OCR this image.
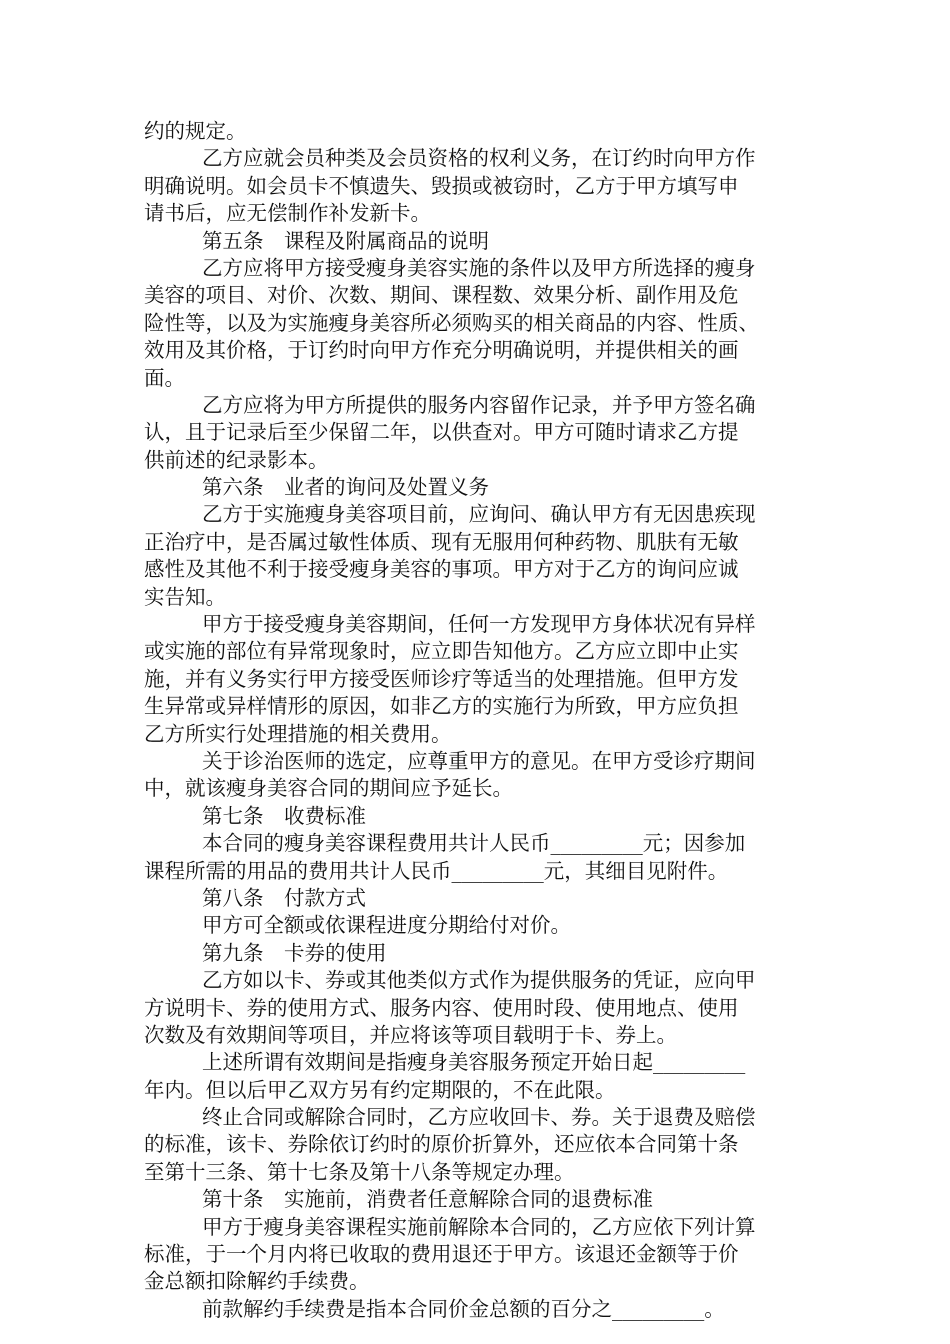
约的规定。
乙方应就会员种类及会员资格的权利义务，在订约时向甲方作
明确说明。如会员卡不慎遗失、毁损或被窃时，乙方于甲方填写申
请书后，应无偿制作补发新卡。
第五条　课程及附属商品的说明
乙方应将甲方接受瘦身美容实施的条件以及甲方所选择的瘦身
美容的项目、对价、次数、期间、课程数、效果分析、副作用及危
险性等，以及为实施瘦身美容所必须购买的相关商品的内容、性质、
效用及其价格，于订约时向甲方作充分明确说明，并提供相关的画
面。
乙方应将为甲方所提供的服务内容留作记录，并予甲方签名确
认，且于记录后至少保留二年，以供查对。甲方可随时请求乙方提
供前述的纪录影本。
第六条　业者的询问及处置义务
乙方于实施瘦身美容项目前，应询问、确认甲方有无因患疾现
正治疗中，是否属过敏性体质、现有无服用何种药物、肌肤有无敏
感性及其他不利于接受瘦身美容的事项。甲方对于乙方的询问应诚
实告知。
甲方于接受瘦身美容期间，任何一方发现甲方身体状况有异样
或实施的部位有异常现象时，应立即告知他方。乙方应立即中止实
施，并有义务实行甲方接受医师诊疗等适当的处理措施。但甲方发
生异常或异样情形的原因，如非乙方的实施行为所致，甲方应负担
乙方所实行处理措施的相关费用。
关于诊治医师的选定，应尊重甲方的意见。在甲方受诊疗期间
中，就该瘦身美容合同的期间应予延长。
第七条　收费标准
本合同的瘦身美容课程费用共计人民币_________元；因参加
课程所需的用品的费用共计人民币_________元，其细目见附件。
第八条　付款方式
甲方可全额或依课程进度分期给付对价。
第九条　卡券的使用
乙方如以卡、券或其他类似方式作为提供服务的凭证，应向甲
方说明卡、券的使用方式、服务内容、使用时段、使用地点、使用
次数及有效期间等项目，并应将该等项目载明于卡、券上。
上述所谓有效期间是指瘦身美容服务预定开始日起_________
年内。但以后甲乙双方另有约定期限的，不在此限。
终止合同或解除合同时，乙方应收回卡、券。关于退费及赔偿
的标准，该卡、券除依订约时的原价折算外，还应依本合同第十条
至第十三条、第十七条及第十八条等规定办理。
第十条　实施前，消费者任意解除合同的退费标准
甲方于瘦身美容课程实施前解除本合同的，乙方应依下列计算
标准，于一个月内将已收取的费用退还于甲方。该退还金额等于价
金总额扣除解约手续费。
前款解约手续费是指本合同价金总额的百分之_________。
